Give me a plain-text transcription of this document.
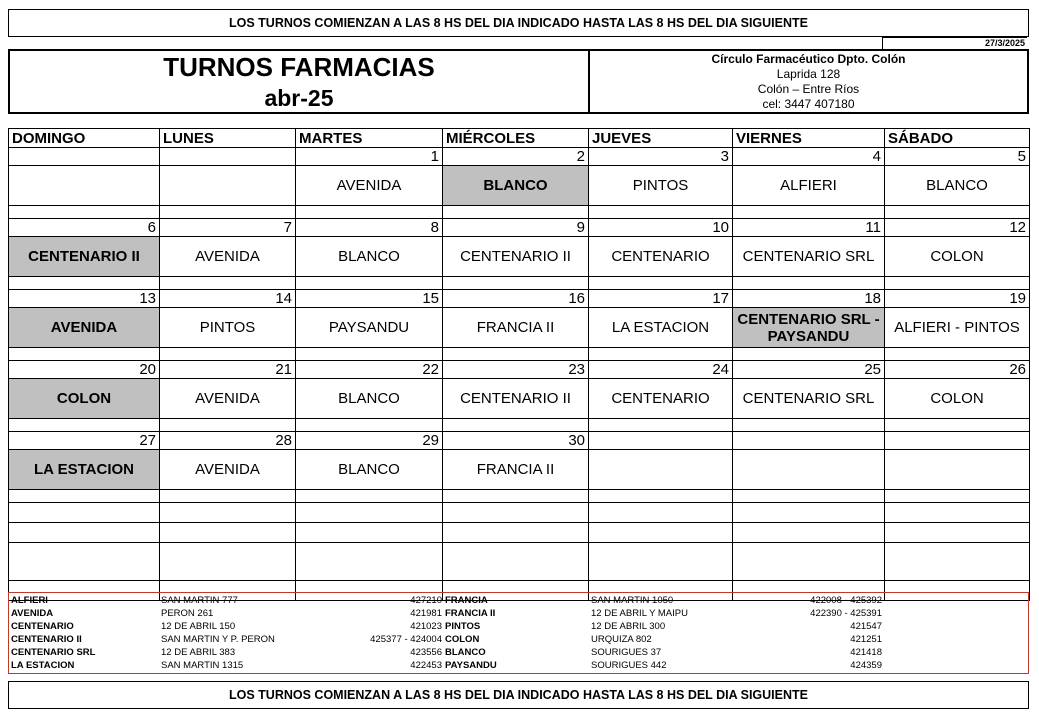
LOS TURNOS COMIENZAN A LAS 8 HS DEL DIA INDICADO HASTA LAS 8 HS DEL DIA SIGUIENTE
27/3/2025
TURNOS FARMACIAS
abr-25
Círculo Farmacéutico Dpto. Colón
Laprida 128
Colón – Entre Ríos
cel: 3447 407180
DOMINGO	LUNES	MARTES	MIÉRCOLES	JUEVES	VIERNES	SÁBADO
		1	2	3	4	5
		AVENIDA	BLANCO	PINTOS	ALFIERI	BLANCO

6	7	8	9	10	11	12
CENTENARIO II	AVENIDA	BLANCO	CENTENARIO II	CENTENARIO	CENTENARIO SRL	COLON

13	14	15	16	17	18	19
AVENIDA	PINTOS	PAYSANDU	FRANCIA II	LA ESTACION	CENTENARIO SRL - PAYSANDU	ALFIERI - PINTOS

20	21	22	23	24	25	26
COLON	AVENIDA	BLANCO	CENTENARIO II	CENTENARIO	CENTENARIO SRL	COLON

27	28	29	30			
LA ESTACION	AVENIDA	BLANCO	FRANCIA II			

ALFIERI	SAN MARTIN 777	427210
AVENIDA	PERON 261	421981
CENTENARIO	12 DE ABRIL 150	421023
CENTENARIO II	SAN MARTIN Y P. PERON	425377 - 424004
CENTENARIO SRL	12 DE ABRIL 383	423556
LA ESTACION	SAN MARTIN 1315	422453
FRANCIA	SAN MARTIN 1050	422008 - 425392
FRANCIA II	12 DE ABRIL Y MAIPU	422390 - 425391
PINTOS	12 DE ABRIL 300	421547
COLON	URQUIZA 802	421251
BLANCO	SOURIGUES 37	421418
PAYSANDU	SOURIGUES 442	424359
LOS TURNOS COMIENZAN A LAS 8 HS DEL DIA INDICADO HASTA LAS 8 HS DEL DIA SIGUIENTE
